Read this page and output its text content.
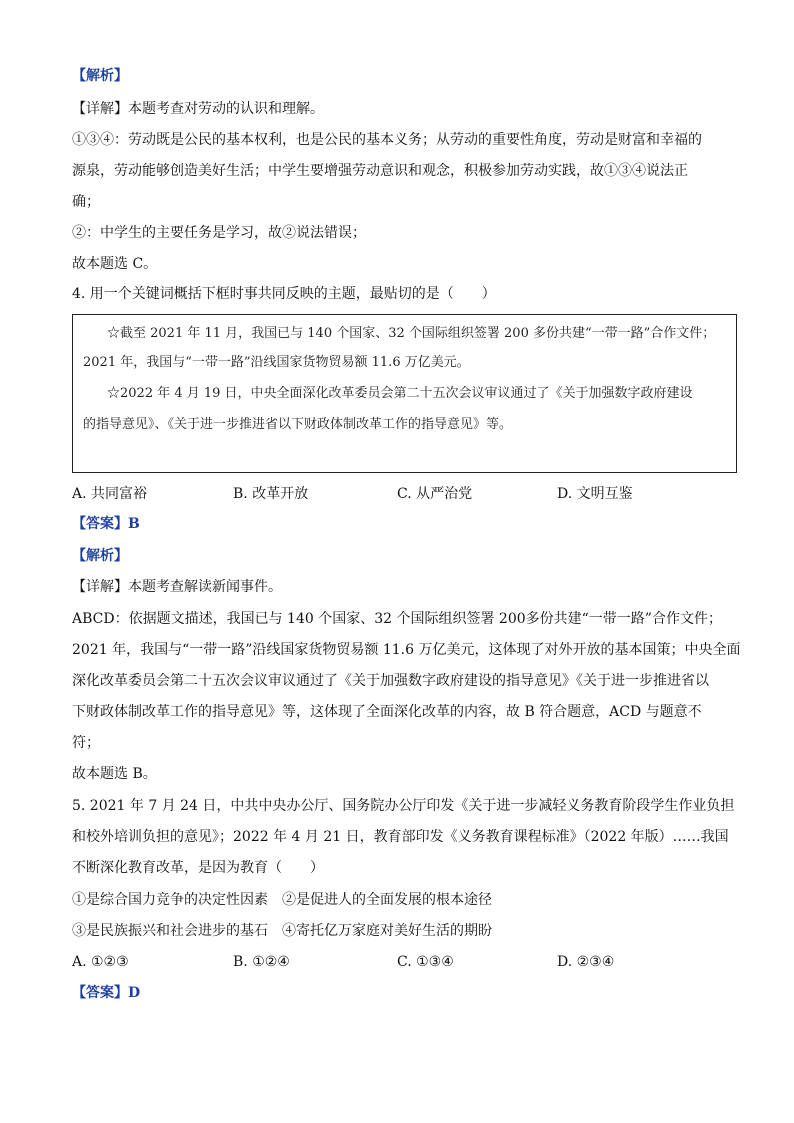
【解析】
【详解】本题考查对劳动的认识和理解。
①③④：劳动既是公民的基本权利，也是公民的基本义务；从劳动的重要性角度，劳动是财富和幸福的
源泉，劳动能够创造美好生活；中学生要增强劳动意识和观念，积极参加劳动实践，故①③④说法正
确；
②：中学生的主要任务是学习，故②说法错误；
故本题选 C。
4. 用一个关键词概括下框时事共同反映的主题，最贴切的是（　　）
☆截至 2021 年 11 月，我国已与 140 个国家、32 个国际组织签署 200 多份共建“一带一路”合作文件；
2021 年，我国与“一带一路”沿线国家货物贸易额 11.6 万亿美元。
☆2022 年 4 月 19 日，中央全面深化改革委员会第二十五次会议审议通过了《关于加强数字政府建设
的指导意见》、《关于进一步推进省以下财政体制改革工作的指导意见》等。
A. 共同富裕	B. 改革开放	C. 从严治党	D. 文明互鉴
【答案】B
【解析】
【详解】本题考查解读新闻事件。
ABCD：依据题文描述，我国已与 140 个国家、32 个国际组织签署 200多份共建“一带一路”合作文件；
2021 年，我国与“一带一路”沿线国家货物贸易额 11.6 万亿美元，这体现了对外开放的基本国策；中央全面
深化改革委员会第二十五次会议审议通过了《关于加强数字政府建设的指导意见》《关于进一步推进省以
下财政体制改革工作的指导意见》等，这体现了全面深化改革的内容，故 B 符合题意，ACD 与题意不
符；
故本题选 B。
5. 2021 年 7 月 24 日，中共中央办公厅、国务院办公厅印发《关于进一步减轻义务教育阶段学生作业负担
和校外培训负担的意见》；2022 年 4 月 21 日，教育部印发《义务教育课程标准》（2022 年版）……我国
不断深化教育改革，是因为教育（　　）
①是综合国力竞争的决定性因素　②是促进人的全面发展的根本途径
③是民族振兴和社会进步的基石　④寄托亿万家庭对美好生活的期盼
A. ①②③	B. ①②④	C. ①③④	D. ②③④
【答案】D
